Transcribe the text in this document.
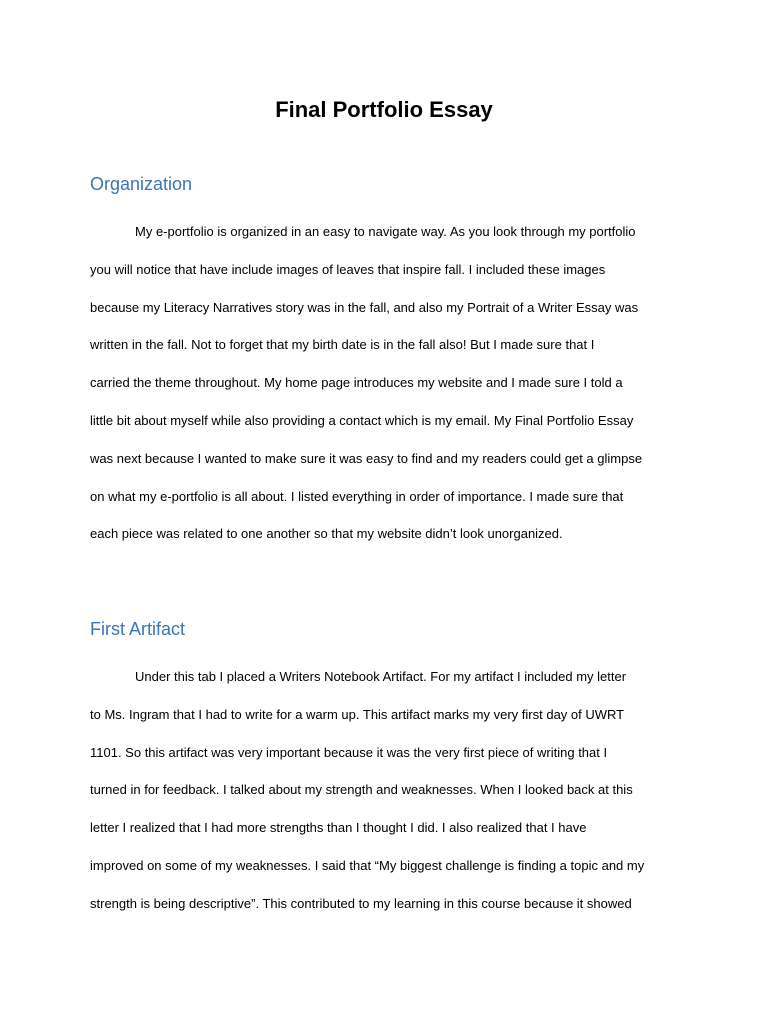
Final Portfolio Essay
Organization
My e-portfolio is organized in an easy to navigate way. As you look through my portfolio
you will notice that have include images of leaves that inspire fall. I included these images
because my Literacy Narratives story was in the fall, and also my Portrait of a Writer Essay was
written in the fall. Not to forget that my birth date is in the fall also! But I made sure that I
carried the theme throughout. My home page introduces my website and I made sure I told a
little bit about myself while also providing a contact which is my email. My Final Portfolio Essay
was next because I wanted to make sure it was easy to find and my readers could get a glimpse
on what my e-portfolio is all about. I listed everything in order of importance. I made sure that
each piece was related to one another so that my website didn’t look unorganized.
First Artifact
Under this tab I placed a Writers Notebook Artifact. For my artifact I included my letter
to Ms. Ingram that I had to write for a warm up. This artifact marks my very first day of UWRT
1101. So this artifact was very important because it was the very first piece of writing that I
turned in for feedback. I talked about my strength and weaknesses. When I looked back at this
letter I realized that I had more strengths than I thought I did. I also realized that I have
improved on some of my weaknesses. I said that “My biggest challenge is finding a topic and my
strength is being descriptive”. This contributed to my learning in this course because it showed
